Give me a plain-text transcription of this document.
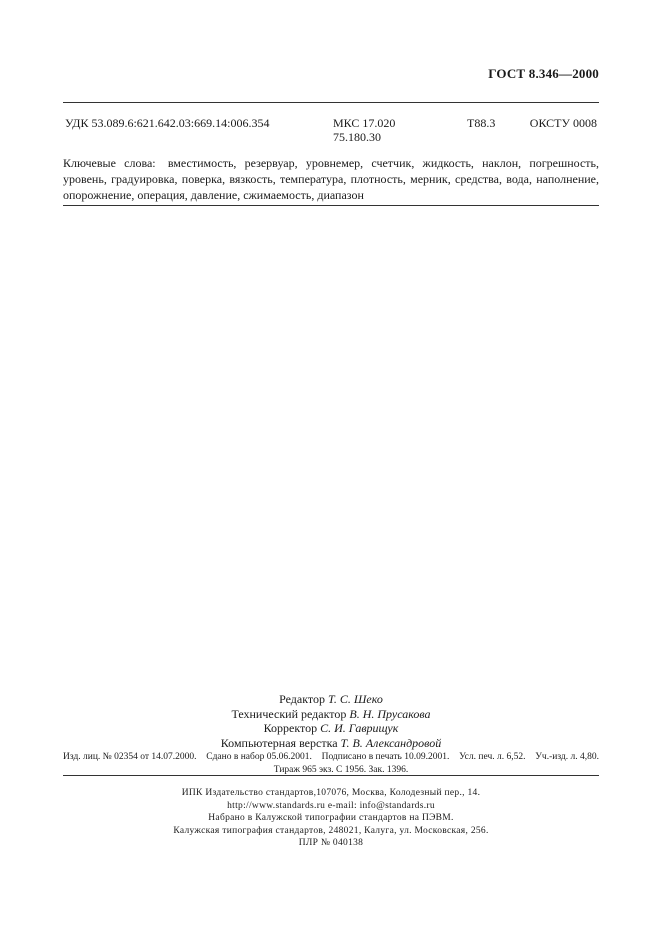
ГОСТ 8.346—2000
УДК 53.089.6:621.642.03:669.14:006.354	МКС 17.020
75.180.30
Т88.3	ОКСТУ 0008
Ключевые слова: вместимость, резервуар, уровнемер, счетчик, жидкость, наклон, погрешность, уровень, градуировка, поверка, вязкость, температура, плотность, мерник, средства, вода, наполнение, опорожнение, операция, давление, сжимаемость, диапазон
Редактор Т. С. Шеко
Технический редактор В. Н. Прусакова
Корректор С. И. Гаврищук
Компьютерная верстка Т. В. Александровой
Изд. лиц. № 02354 от 14.07.2000. Сдано в набор 05.06.2001. Подписано в печать 10.09.2001. Усл. печ. л. 6,52. Уч.-изд. л. 4,80.
Тираж 965 экз. С 1956. Зак. 1396.
ИПК Издательство стандартов,107076, Москва, Колодезный пер., 14.
http://www.standards.ru e-mail: info@standards.ru
Набрано в Калужской типографии стандартов на ПЭВМ.
Калужская типография стандартов, 248021, Калуга, ул. Московская, 256.
ПЛР № 040138
